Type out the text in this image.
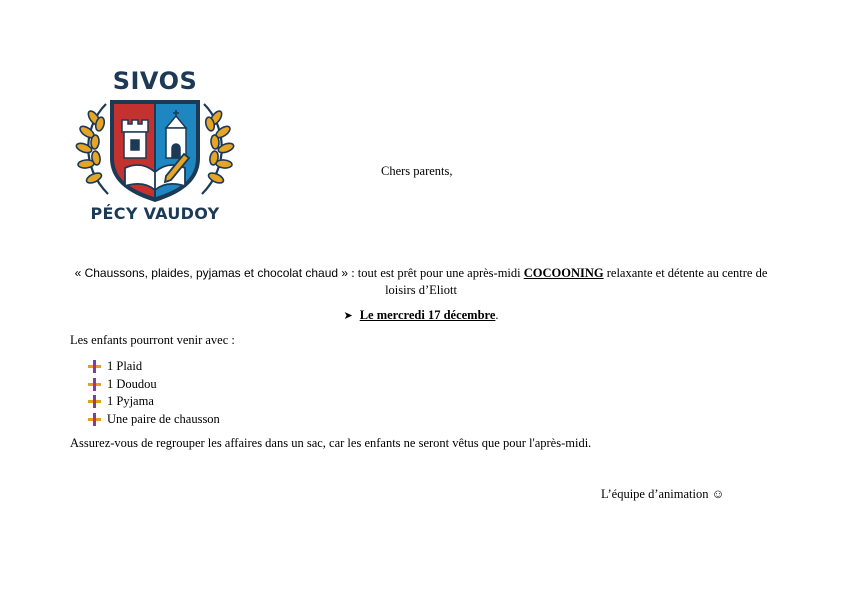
SIVOS
PÉCY VAUDOY
Chers parents,
« Chaussons, plaides, pyjamas et chocolat chaud » : tout est prêt pour une après-midi COCOONING relaxante et détente au centre de loisirs d’Eliott
➤ Le mercredi 17 décembre.
Les enfants pourront venir avec :
1 Plaid
1 Doudou
1 Pyjama
Une paire de chausson
Assurez-vous de regrouper les affaires dans un sac, car les enfants ne seront vêtus que pour l'après-midi.
L’équipe d’animation ☺
